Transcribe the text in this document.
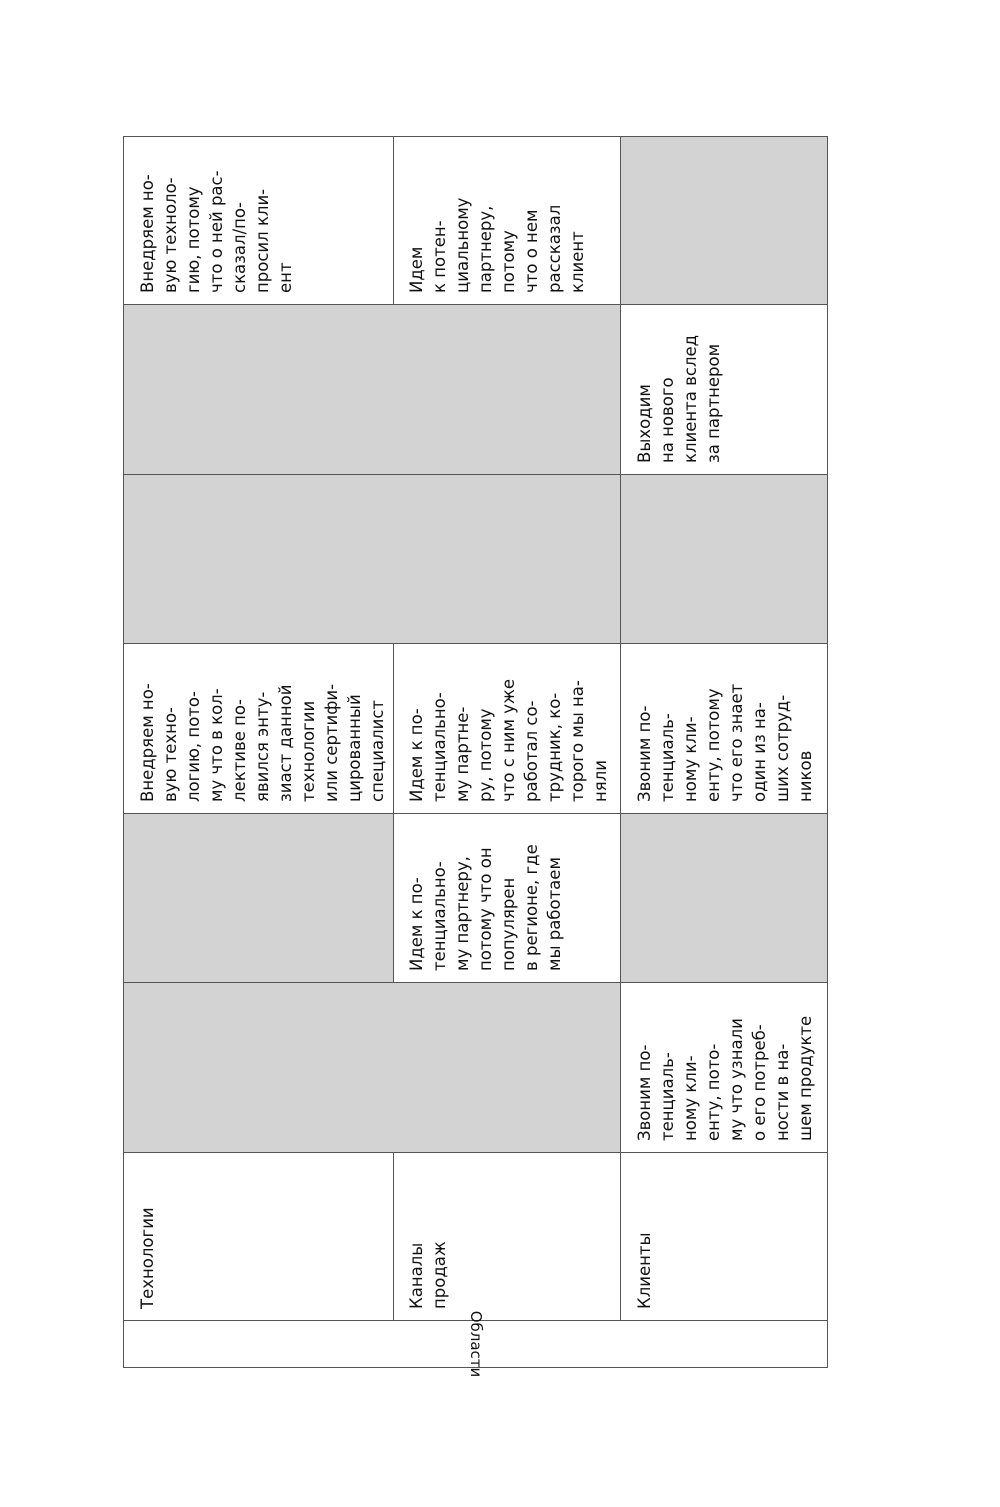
Технологии
Внедряем но-
вую техно-
логию, пото-
му что в кол-
лективе по-
явился энту-
зиаст данной
технологии
или сертифи-
цированный
специалист
Внедряем но-
вую техноло-
гию, потому
что о ней рас-
сказал/по-
просил кли-
ент
Каналы
продаж
Идем к по-
тенциально-
му партнеру,
потому что он
популярен
в регионе, где
мы работаем
Идем к по-
тенциально-
му партне-
ру, потому
что с ним уже
работал со-
трудник, ко-
торого мы на-
няли
Идем
к потен-
циальному
партнеру,
потому
что о нем
рассказал
клиент
Клиенты
Звоним по-
тенциаль-
ному кли-
енту, пото-
му что узнали
о его потреб-
ности в на-
шем продукте
Звоним по-
тенциаль-
ному кли-
енту, потому
что его знает
один из на-
ших сотруд-
ников
Выходим
на нового
клиента вслед
за партнером
Области
